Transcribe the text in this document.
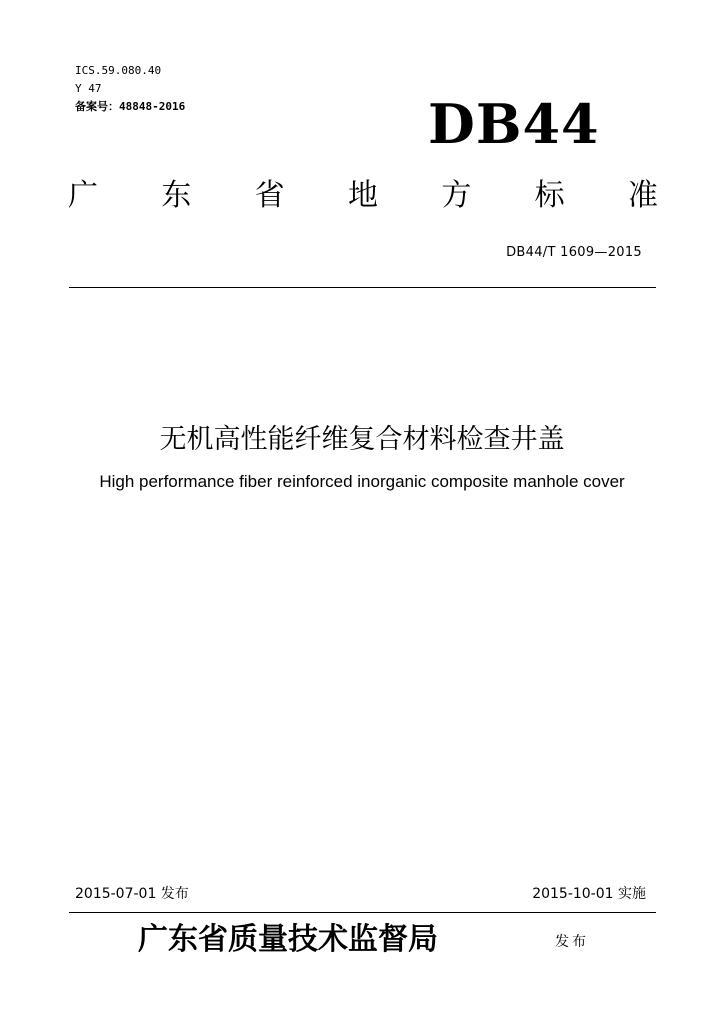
ICS.59.080.40
Y 47
备案号：48848-2016	DB44
广 东 省 地 方 标 准
DB44/T 1609—2015
无机高性能纤维复合材料检查井盖
High performance fiber reinforced inorganic composite manhole cover
2015-07-01 发布	2015-10-01 实施
广东省质量技术监督局	发布
